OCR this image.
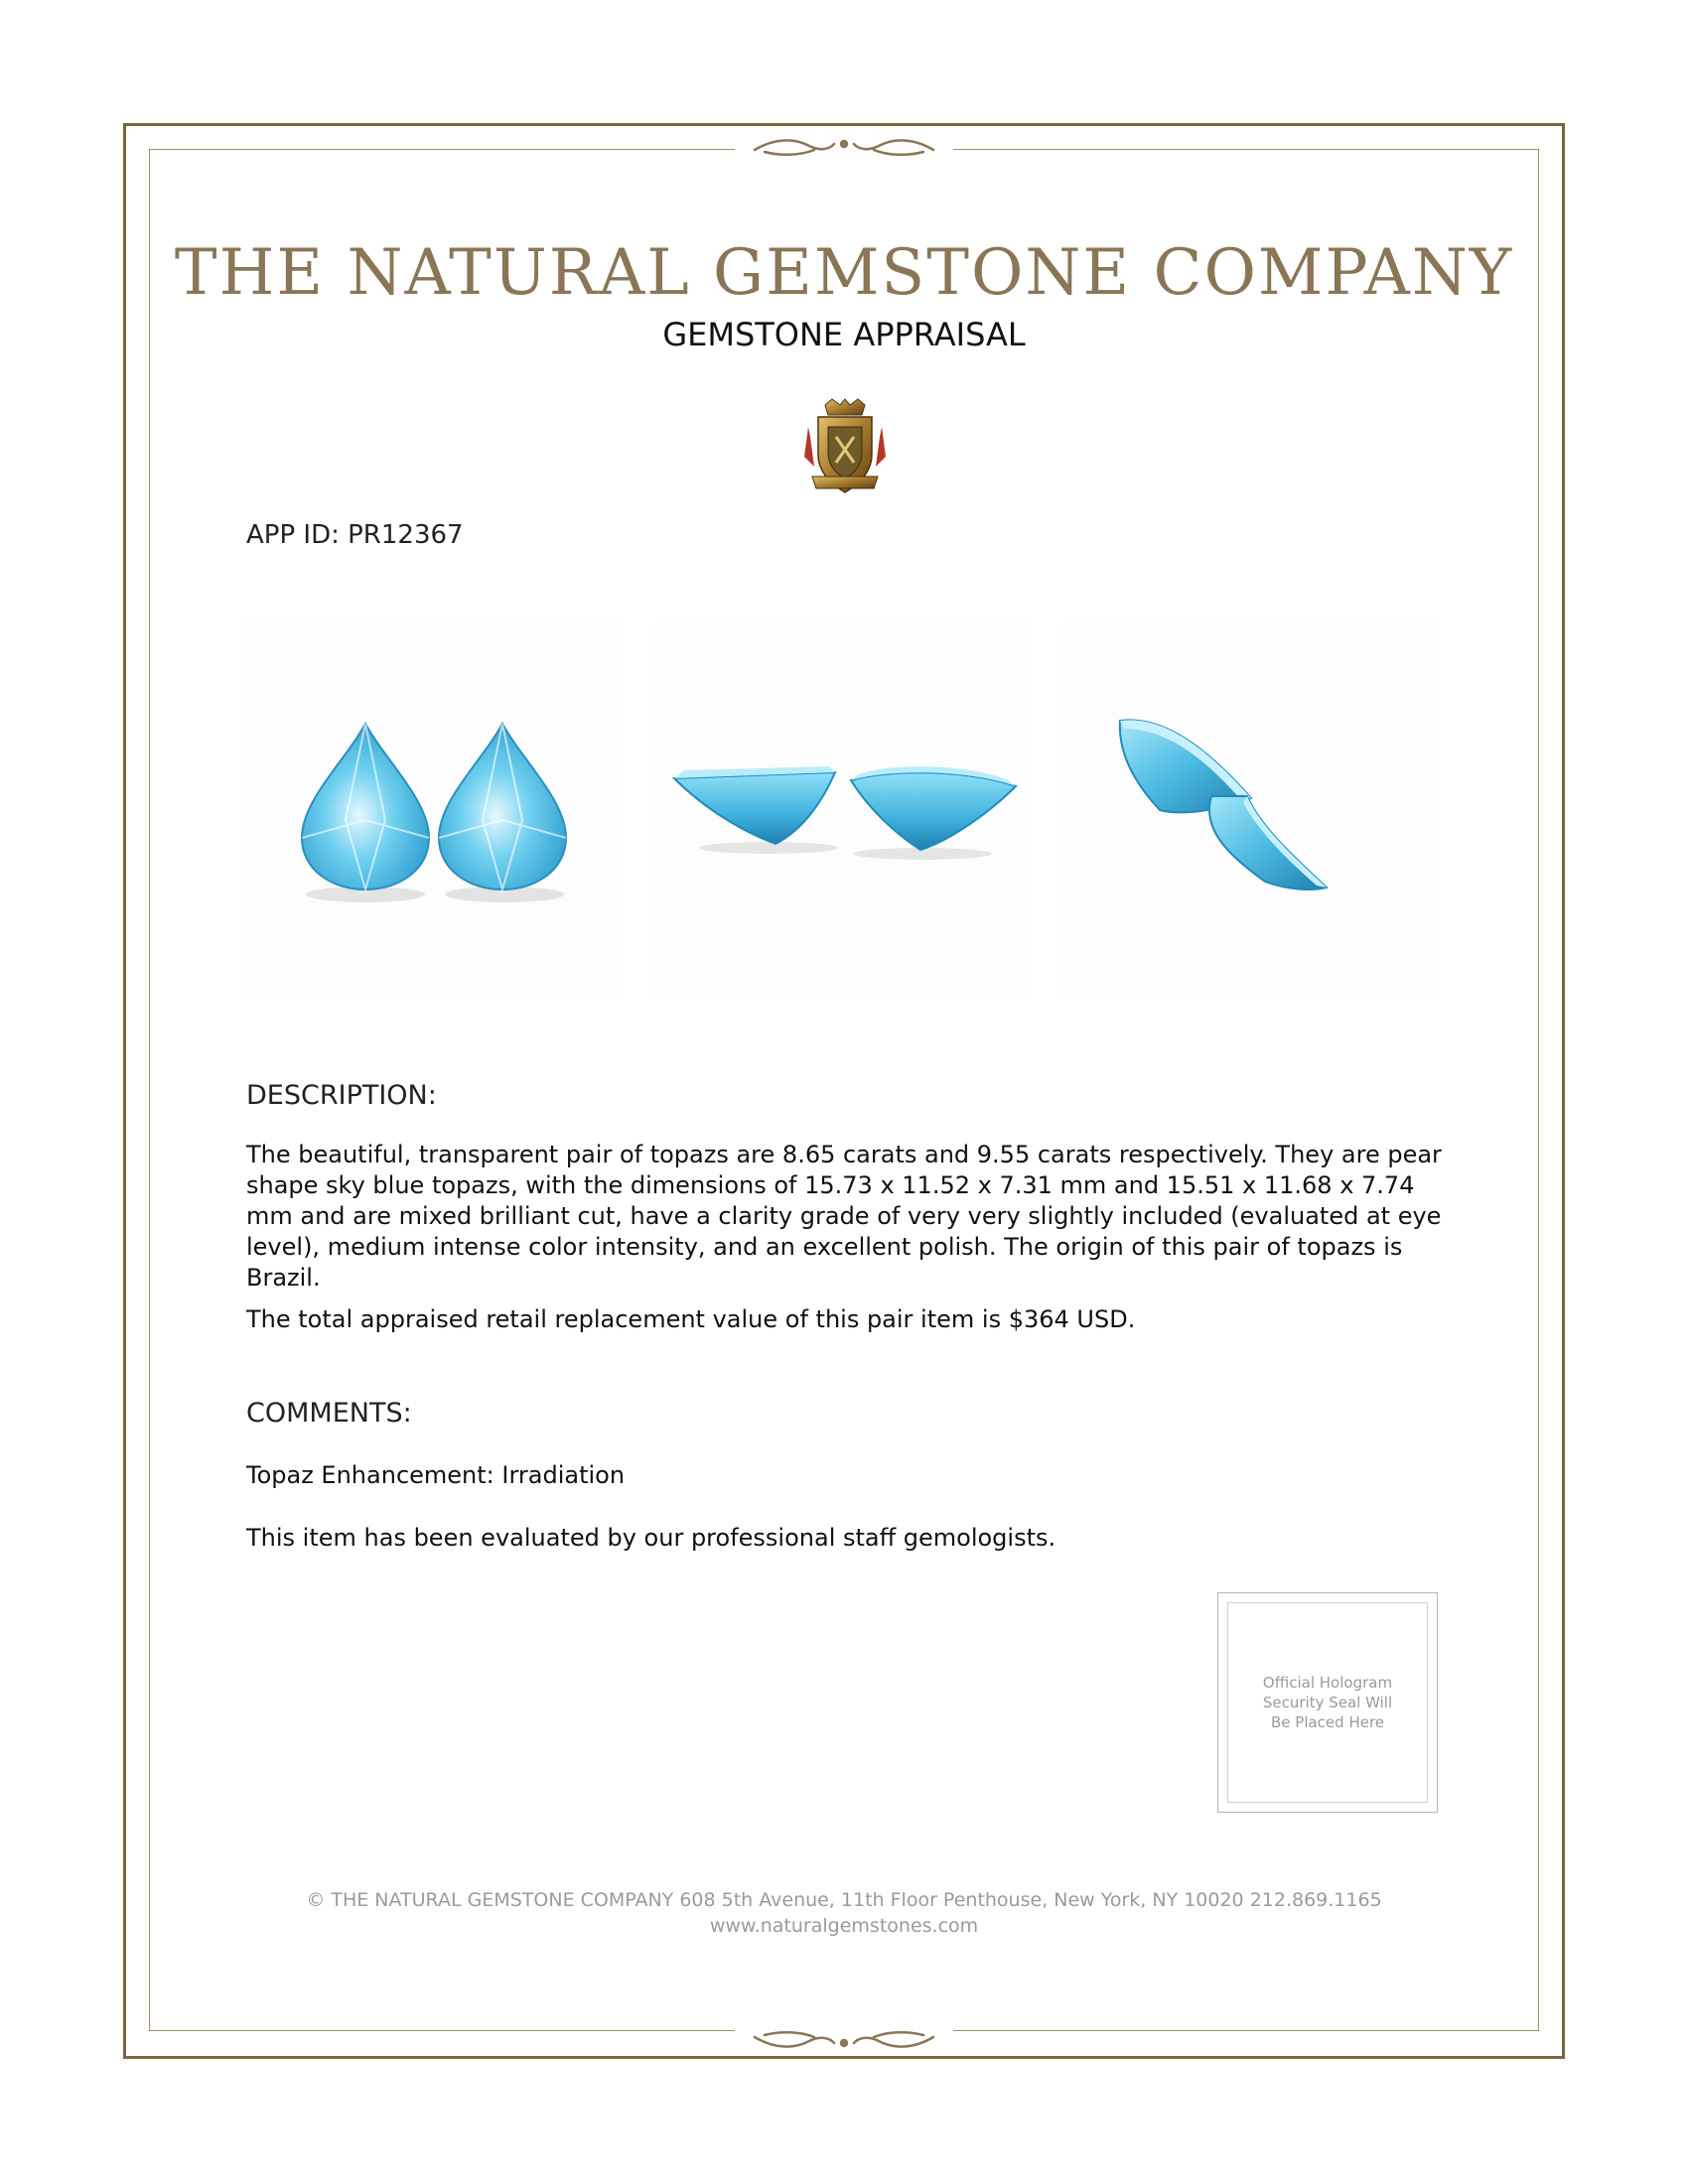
THE NATURAL GEMSTONE COMPANY
GEMSTONE APPRAISAL
APP ID: PR12367
DESCRIPTION:

The beautiful, transparent pair of topazs are 8.65 carats and 9.55 carats respectively. They are pear shape sky blue topazs, with the dimensions of 15.73 x 11.52 x 7.31 mm and 15.51 x 11.68 x 7.74 mm and are mixed brilliant cut, have a clarity grade of very very slightly included (evaluated at eye level), medium intense color intensity, and an excellent polish. The origin of this pair of topazs is Brazil.

The total appraised retail replacement value of this pair item is $364 USD.

COMMENTS:

Topaz Enhancement: Irradiation

This item has been evaluated by our professional staff gemologists.

Official Hologram Security Seal Will Be Placed Here

© THE NATURAL GEMSTONE COMPANY 608 5th Avenue, 11th Floor Penthouse, New York, NY 10020 212.869.1165

www.naturalgemstones.com
